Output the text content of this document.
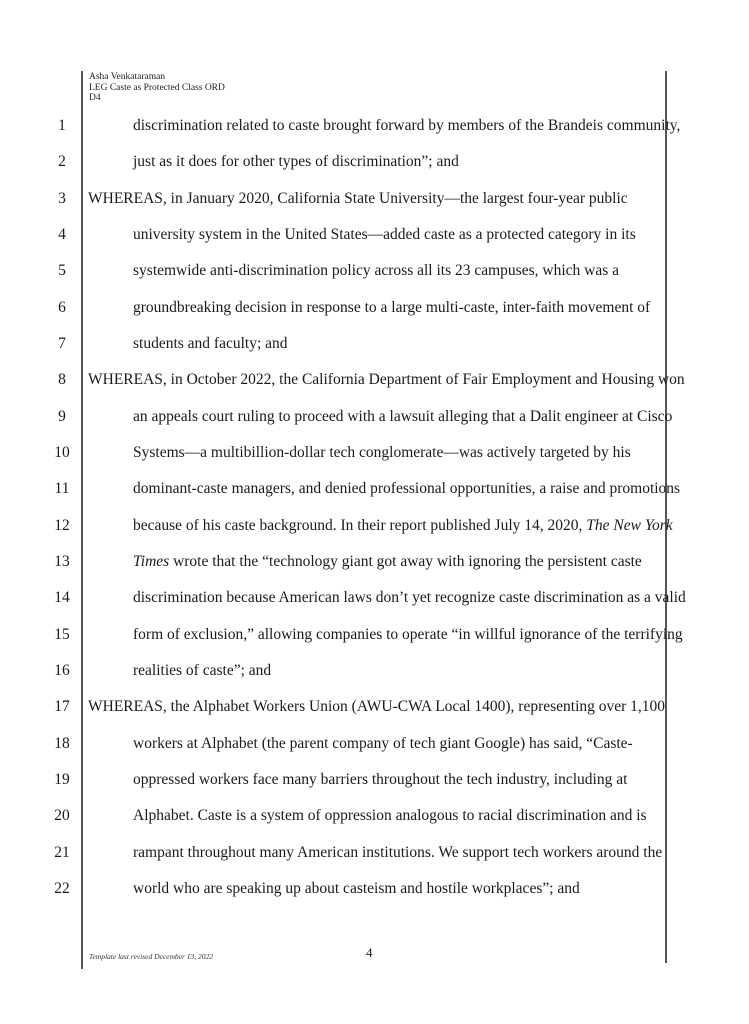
Asha Venkataraman
LEG Caste as Protected Class ORD
D4
1	discrimination related to caste brought forward by members of the Brandeis community,
2	just as it does for other types of discrimination”; and
3	WHEREAS, in January 2020, California State University—the largest four-year public
4	university system in the United States—added caste as a protected category in its
5	systemwide anti-discrimination policy across all its 23 campuses, which was a
6	groundbreaking decision in response to a large multi-caste, inter-faith movement of
7	students and faculty; and
8	WHEREAS, in October 2022, the California Department of Fair Employment and Housing won
9	an appeals court ruling to proceed with a lawsuit alleging that a Dalit engineer at Cisco
10	Systems—a multibillion-dollar tech conglomerate—was actively targeted by his
11	dominant-caste managers, and denied professional opportunities, a raise and promotions
12	because of his caste background. In their report published July 14, 2020, The New York
13	Times wrote that the “technology giant got away with ignoring the persistent caste
14	discrimination because American laws don’t yet recognize caste discrimination as a valid
15	form of exclusion,” allowing companies to operate “in willful ignorance of the terrifying
16	realities of caste”; and
17	WHEREAS, the Alphabet Workers Union (AWU-CWA Local 1400), representing over 1,100
18	workers at Alphabet (the parent company of tech giant Google) has said, “Caste-
19	oppressed workers face many barriers throughout the tech industry, including at
20	Alphabet. Caste is a system of oppression analogous to racial discrimination and is
21	rampant throughout many American institutions. We support tech workers around the
22	world who are speaking up about casteism and hostile workplaces”; and
Template last revised December 13, 2022	4
